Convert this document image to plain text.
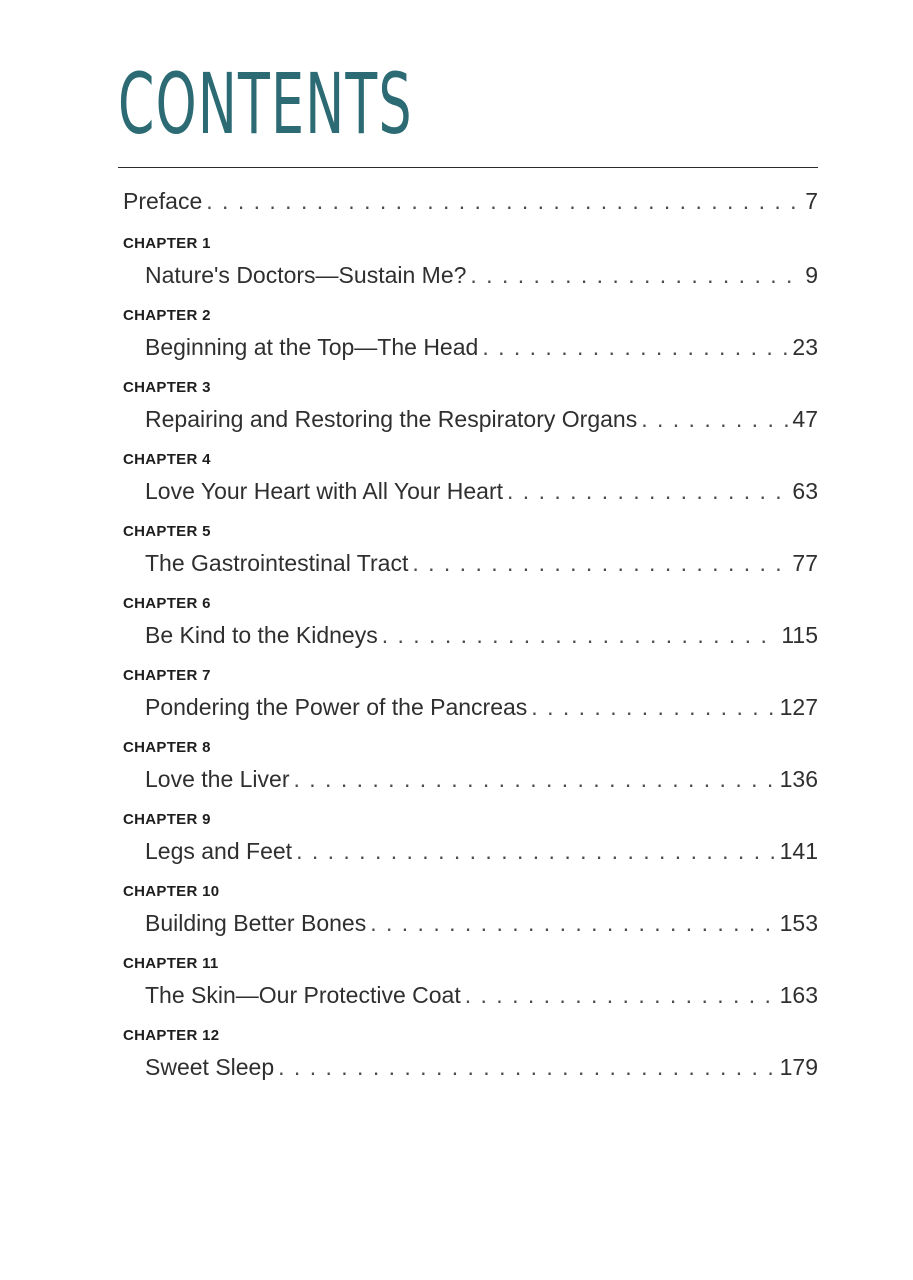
CONTENTS
Preface . . .	7
CHAPTER 1
Nature's Doctors—Sustain Me? . . .	9
CHAPTER 2
Beginning at the Top—The Head . . .	23
CHAPTER 3
Repairing and Restoring the Respiratory Organs . . .	47
CHAPTER 4
Love Your Heart with All Your Heart . . .	63
CHAPTER 5
The Gastrointestinal Tract . . .	77
CHAPTER 6
Be Kind to the Kidneys . . .	115
CHAPTER 7
Pondering the Power of the Pancreas . . .	127
CHAPTER 8
Love the Liver . . .	136
CHAPTER 9
Legs and Feet . . .	141
CHAPTER 10
Building Better Bones . . .	153
CHAPTER 11
The Skin—Our Protective Coat . . .	163
CHAPTER 12
Sweet Sleep . . .	179
